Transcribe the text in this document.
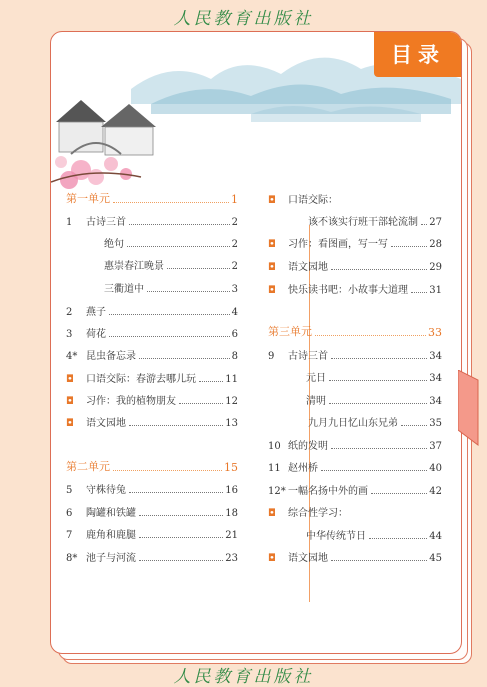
人民教育出版社
目录
人民教育出版社
第一单元	1
1	古诗三首	2
绝句	2
惠崇春江晚景	2
三衢道中	3
2	燕子	4
3	荷花	6
4* 昆虫备忘录	8
◘	口语交际：春游去哪儿玩	11
◘	习作：我的植物朋友	12
◘	语文园地	13
第二单元	15
5	守株待兔	16
6	陶罐和铁罐	18
7	鹿角和鹿腿	21
8* 池子与河流	23
◘	口语交际：
该不该实行班干部轮流制 27
◘	习作：看图画，写一写	28
◘	语文园地	29
◘	快乐读书吧：小故事大道理 31
第三单元	33
9	古诗三首	34
元日	34
清明	34
九月九日忆山东兄弟	35
10 纸的发明	37
11 赵州桥	40
12* 一幅名扬中外的画	42
◘	综合性学习：
中华传统节日	44
◘	语文园地	45
